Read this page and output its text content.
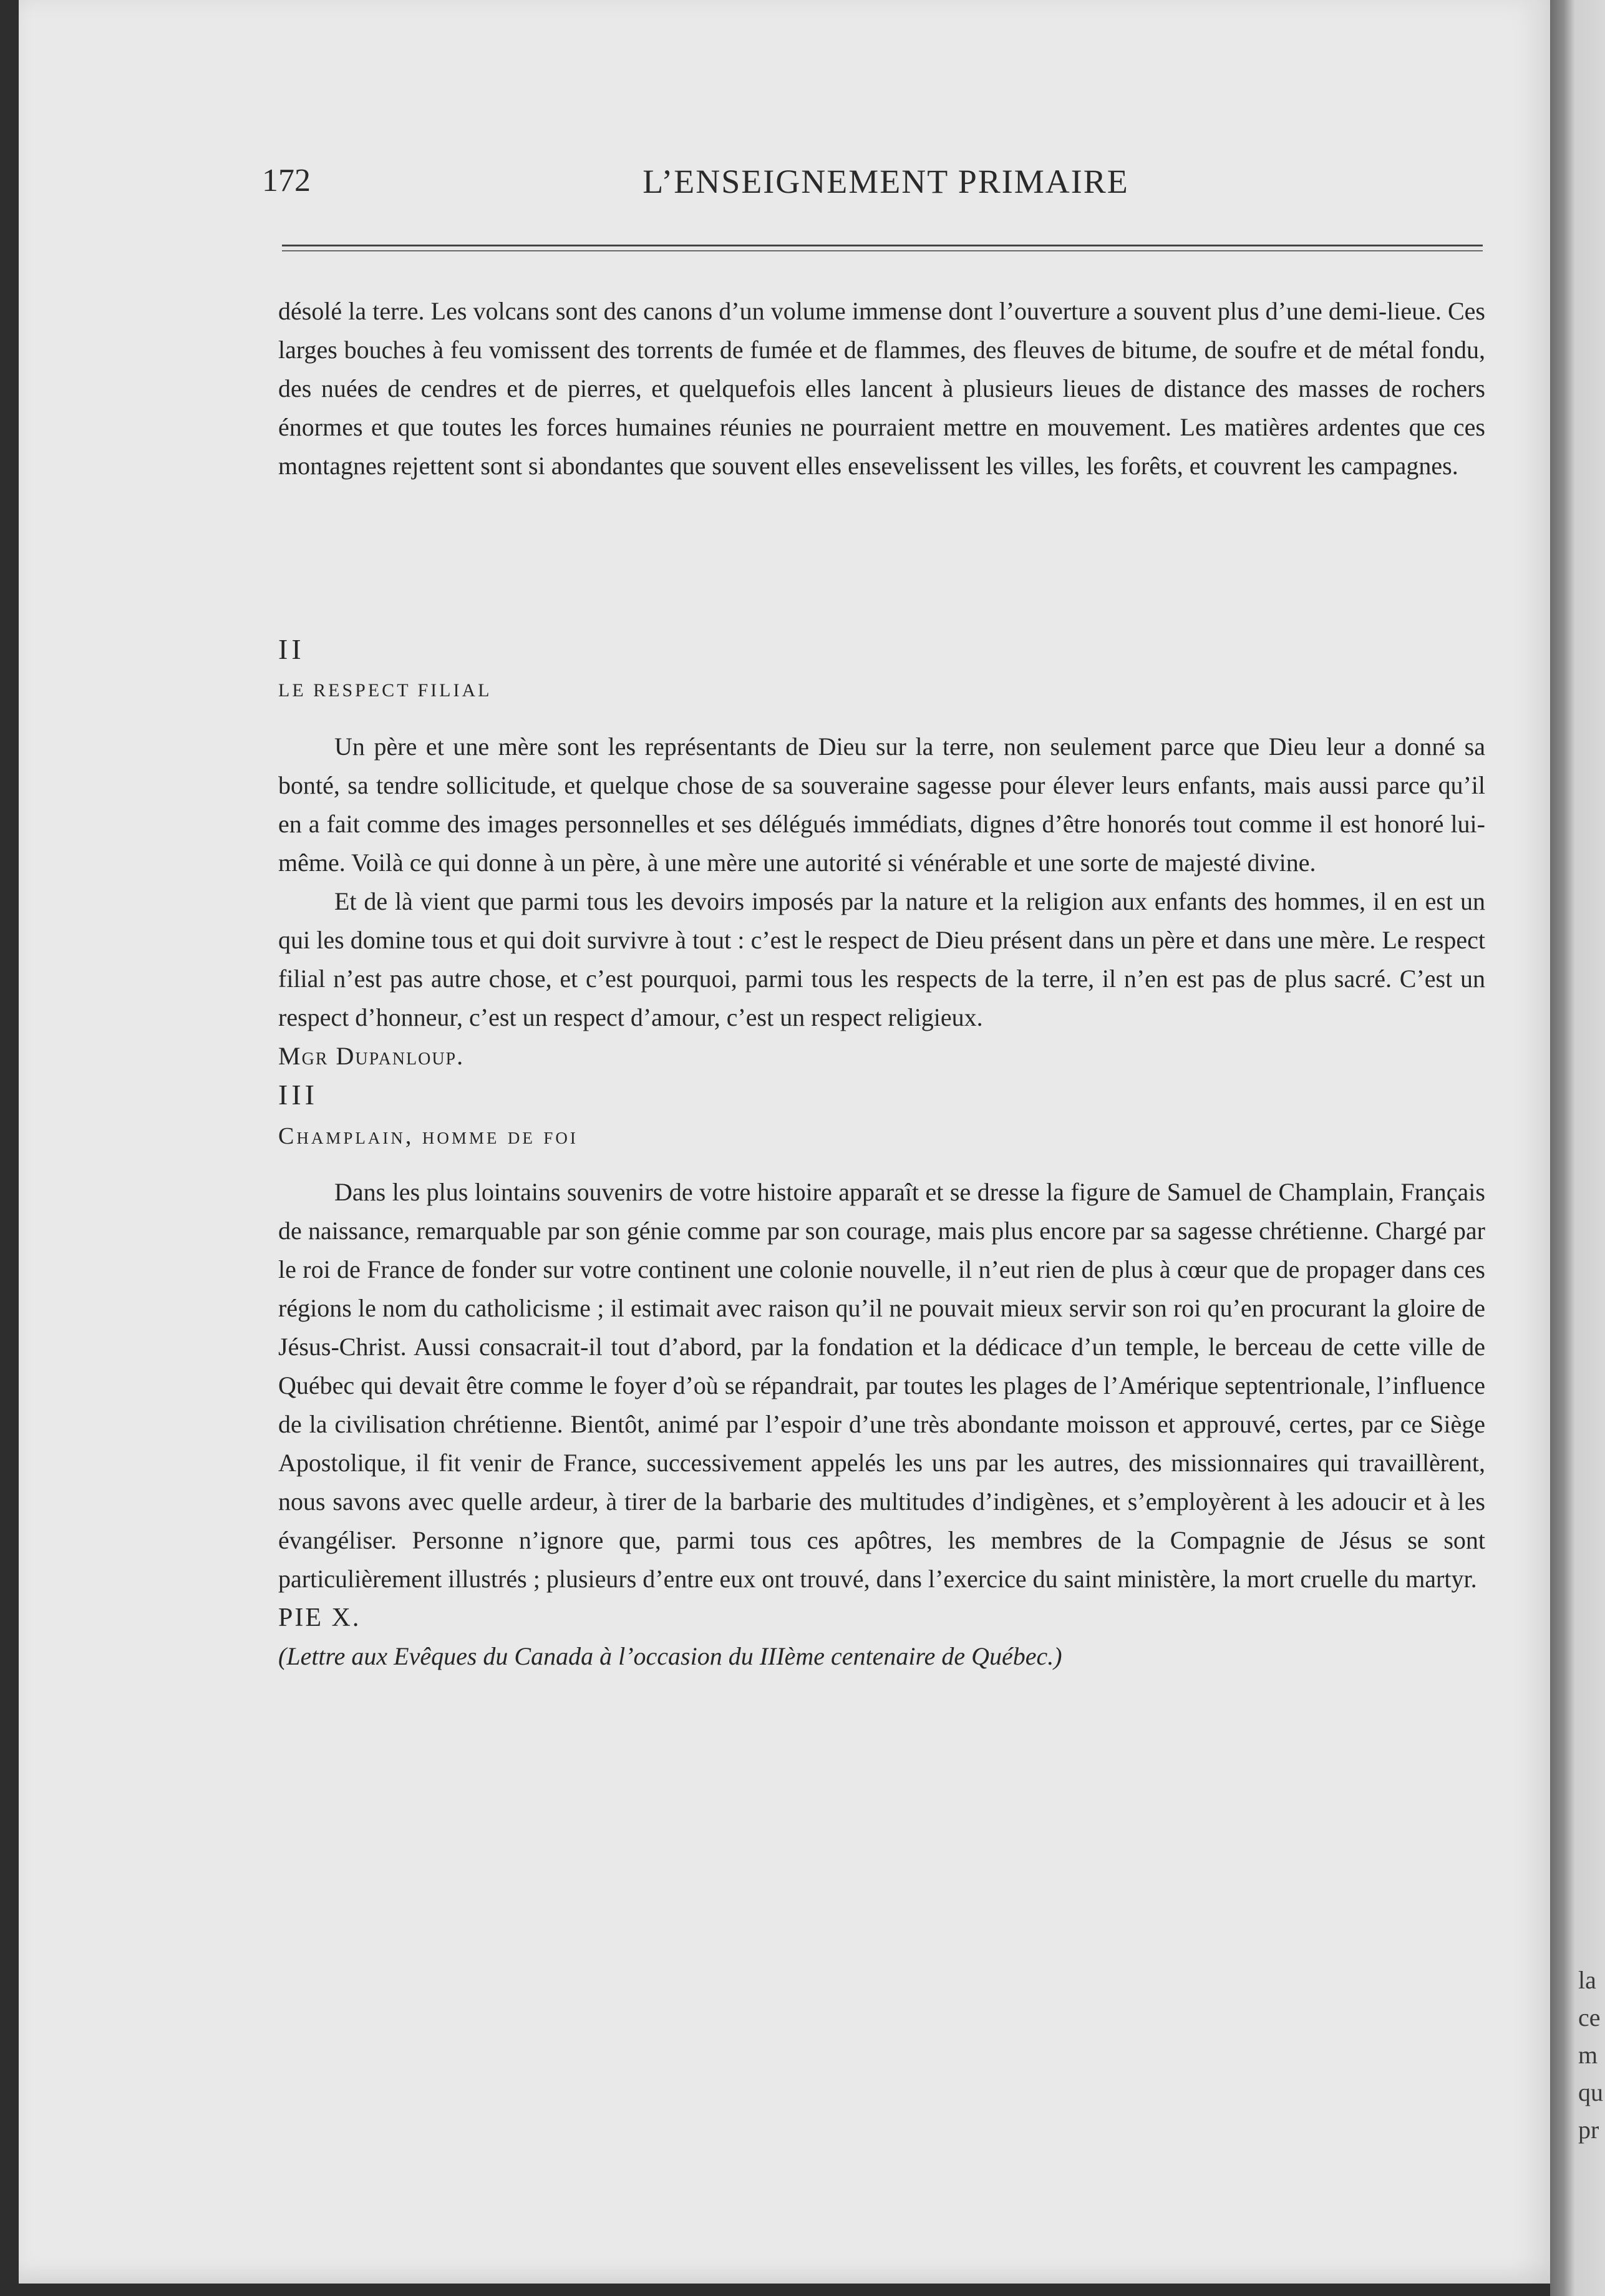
la
ce
m
qu
pr
172	L’ENSEIGNEMENT PRIMAIRE

désolé la terre. Les volcans sont des canons d’un volume immense dont l’ouverture a souvent plus d’une demi-lieue. Ces larges bouches à feu vomissent des torrents de fumée et de flammes, des fleuves de bitume, de soufre et de métal fondu, des nuées de cendres et de pierres, et quelquefois elles lancent à plusieurs lieues de distance des masses de rochers énormes et que toutes les forces humaines réunies ne pourraient mettre en mouvement. Les matières ardentes que ces montagnes rejettent sont si abondantes que souvent elles ensevelissent les villes, les forêts, et couvrent les campagnes.

II

LE RESPECT FILIAL

Un père et une mère sont les représentants de Dieu sur la terre, non seulement parce que Dieu leur a donné sa bonté, sa tendre sollicitude, et quelque chose de sa souveraine sagesse pour élever leurs enfants, mais aussi parce qu’il en a fait comme des images personnelles et ses délégués immédiats, dignes d’être honorés tout comme il est honoré lui-même. Voilà ce qui donne à un père, à une mère une autorité si vénérable et une sorte de majesté divine.

Et de là vient que parmi tous les devoirs imposés par la nature et la religion aux enfants des hommes, il en est un qui les domine tous et qui doit survivre à tout : c’est le respect de Dieu présent dans un père et dans une mère. Le respect filial n’est pas autre chose, et c’est pourquoi, parmi tous les respects de la terre, il n’en est pas de plus sacré. C’est un respect d’honneur, c’est un respect d’amour, c’est un respect religieux.

Mgr Dupanloup.

III

Champlain, homme de foi

Dans les plus lointains souvenirs de votre histoire apparaît et se dresse la figure de Samuel de Champlain, Français de naissance, remarquable par son génie comme par son courage, mais plus encore par sa sagesse chrétienne. Chargé par le roi de France de fonder sur votre continent une colonie nouvelle, il n’eut rien de plus à cœur que de propager dans ces régions le nom du catholicisme ; il estimait avec raison qu’il ne pouvait mieux servir son roi qu’en procurant la gloire de Jésus-Christ. Aussi consacrait-il tout d’abord, par la fondation et la dédicace d’un temple, le berceau de cette ville de Québec qui devait être comme le foyer d’où se répandrait, par toutes les plages de l’Amérique septentrionale, l’influence de la civilisation chrétienne. Bientôt, animé par l’espoir d’une très abondante moisson et approuvé, certes, par ce Siège Apostolique, il fit venir de France, successivement appelés les uns par les autres, des missionnaires qui travaillèrent, nous savons avec quelle ardeur, à tirer de la barbarie des multitudes d’indigènes, et s’employèrent à les adoucir et à les évangéliser. Personne n’ignore que, parmi tous ces apôtres, les membres de la Compagnie de Jésus se sont particulièrement illustrés ; plusieurs d’entre eux ont trouvé, dans l’exercice du saint ministère, la mort cruelle du martyr.

PIE X.

(Lettre aux Evêques du Canada à l’occasion du IIIème centenaire de Québec.)
